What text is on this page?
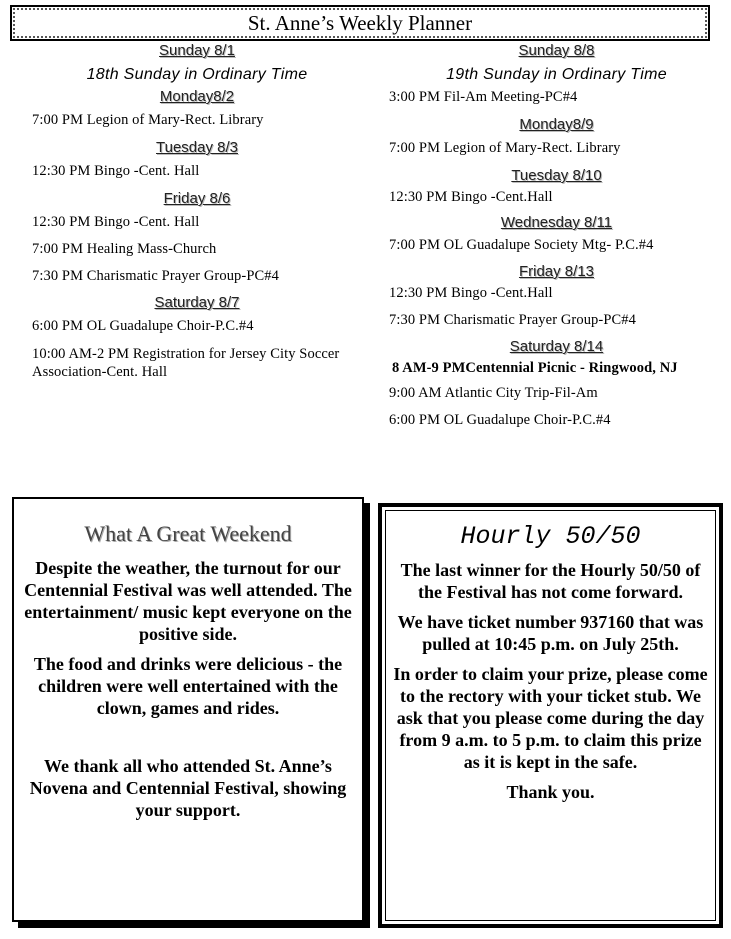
St. Anne’s Weekly Planner

Sunday 8/1

18th Sunday in Ordinary Time

Monday8/2

7:00 PM Legion of Mary-Rect. Library

Tuesday 8/3

12:30 PM Bingo -Cent. Hall

Friday 8/6

12:30 PM Bingo -Cent. Hall

7:00 PM Healing Mass-Church

7:30 PM Charismatic Prayer Group-PC#4

Saturday 8/7

6:00 PM OL Guadalupe Choir-P.C.#4

10:00 AM-2 PM Registration for Jersey City Soccer Association-Cent. Hall

Sunday 8/8

19th Sunday in Ordinary Time

3:00 PM Fil-Am Meeting-PC#4

Monday8/9

7:00 PM Legion of Mary-Rect. Library

Tuesday 8/10

12:30 PM Bingo -Cent.Hall

Wednesday 8/11

7:00 PM OL Guadalupe Society Mtg- P.C.#4

Friday 8/13

12:30 PM Bingo -Cent.Hall

7:30 PM Charismatic Prayer Group-PC#4

Saturday 8/14

8 AM-9 PMCentennial Picnic - Ringwood, NJ

9:00 AM Atlantic City Trip-Fil-Am

6:00 PM OL Guadalupe Choir-P.C.#4

What A Great Weekend

Despite the weather, the turnout for our Centennial Festival was well attended. The entertainment/ music kept everyone on the positive side.

The food and drinks were delicious - the children were well entertained with the clown, games and rides.

We thank all who attended St. Anne’s Novena and Centennial Festival, showing your support.

Hourly 50/50

The last winner for the Hourly 50/50 of the Festival has not come forward.

We have ticket number 937160 that was pulled at 10:45 p.m. on July 25th.

In order to claim your prize, please come to the rectory with your ticket stub. We ask that you please come during the day from 9 a.m. to 5 p.m. to claim this prize as it is kept in the safe.

Thank you.
